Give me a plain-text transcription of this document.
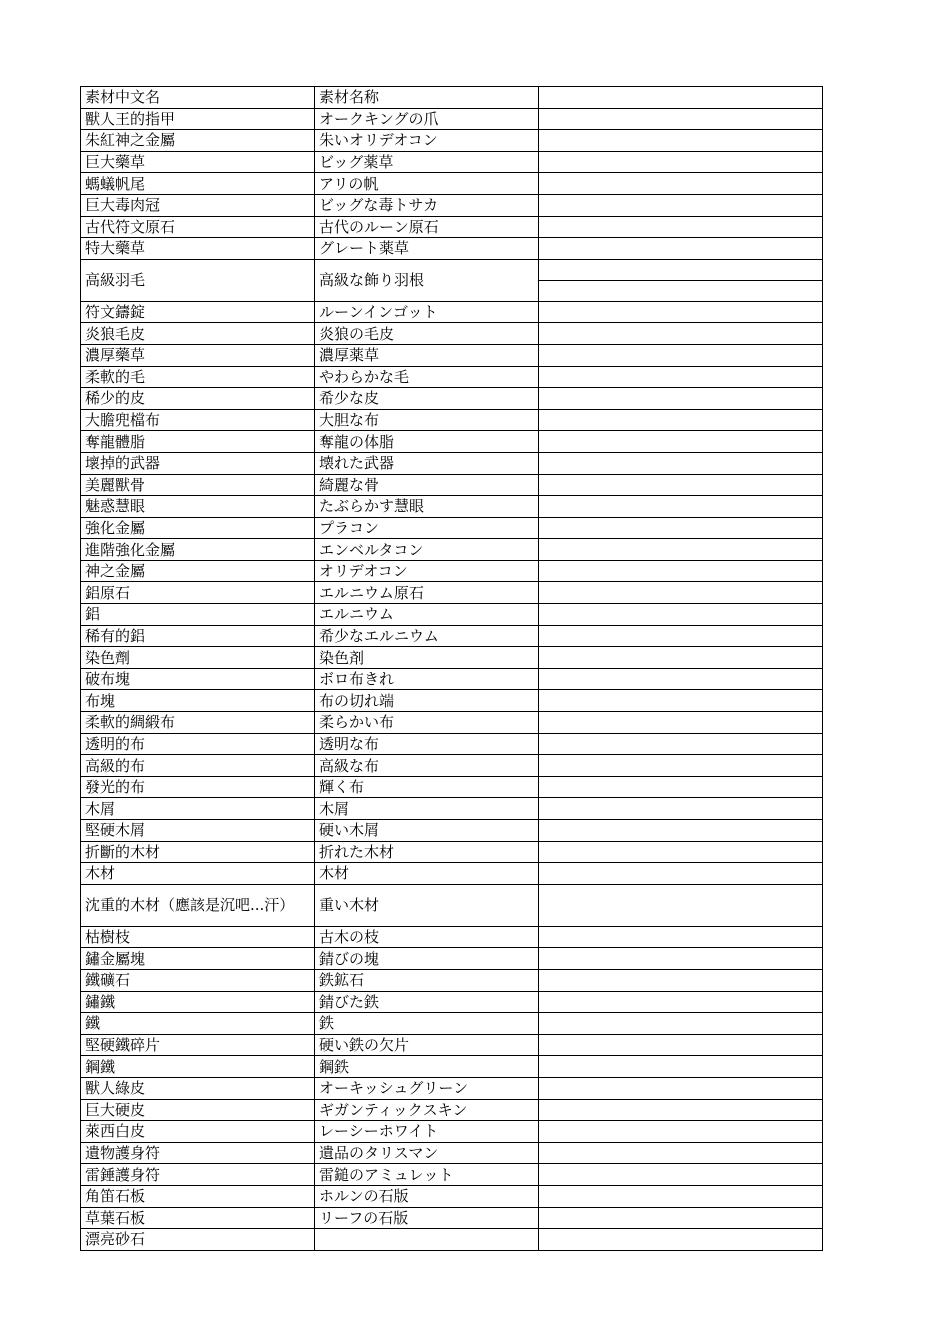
素材中文名	素材名称	
獸人王的指甲	オークキングの爪	
朱紅神之金屬	朱いオリデオコン	
巨大藥草	ビッグ薬草	
螞蟻帆尾	アリの帆	
巨大毒肉冠	ビッグな毒トサカ	
古代符文原石	古代のルーン原石	
特大藥草	グレート薬草	
高級羽毛	高級な飾り羽根	

符文鑄錠	ルーンインゴット	
炎狼毛皮	炎狼の毛皮	
濃厚藥草	濃厚薬草	
柔軟的毛	やわらかな毛	
稀少的皮	希少な皮	
大膽兜檔布	大胆な布	
奪龍體脂	奪龍の体脂	
壞掉的武器	壊れた武器	
美麗獸骨	綺麗な骨	
魅惑慧眼	たぶらかす慧眼	
強化金屬	プラコン	
進階強化金屬	エンベルタコン	
神之金屬	オリデオコン	
鋁原石	エルニウム原石	
鋁	エルニウム	
稀有的鋁	希少なエルニウム	
染色劑	染色剤	
破布塊	ボロ布きれ	
布塊	布の切れ端	
柔軟的綢緞布	柔らかい布	
透明的布	透明な布	
高級的布	高級な布	
發光的布	輝く布	
木屑	木屑	
堅硬木屑	硬い木屑	
折斷的木材	折れた木材	
木材	木材	
沈重的木材（應該是沉吧...汗）	重い木材	
枯樹枝	古木の枝	
鏽金屬塊	錆びの塊	
鐵礦石	鉄鉱石	
鏽鐵	錆びた鉄	
鐵	鉄	
堅硬鐵碎片	硬い鉄の欠片	
鋼鐵	鋼鉄	
獸人綠皮	オーキッシュグリーン	
巨大硬皮	ギガンティックスキン	
萊西白皮	レーシーホワイト	
遺物護身符	遺品のタリスマン	
雷錘護身符	雷鎚のアミュレット	
角笛石板	ホルンの石版	
草葉石板	リーフの石版	
漂亮砂石		
